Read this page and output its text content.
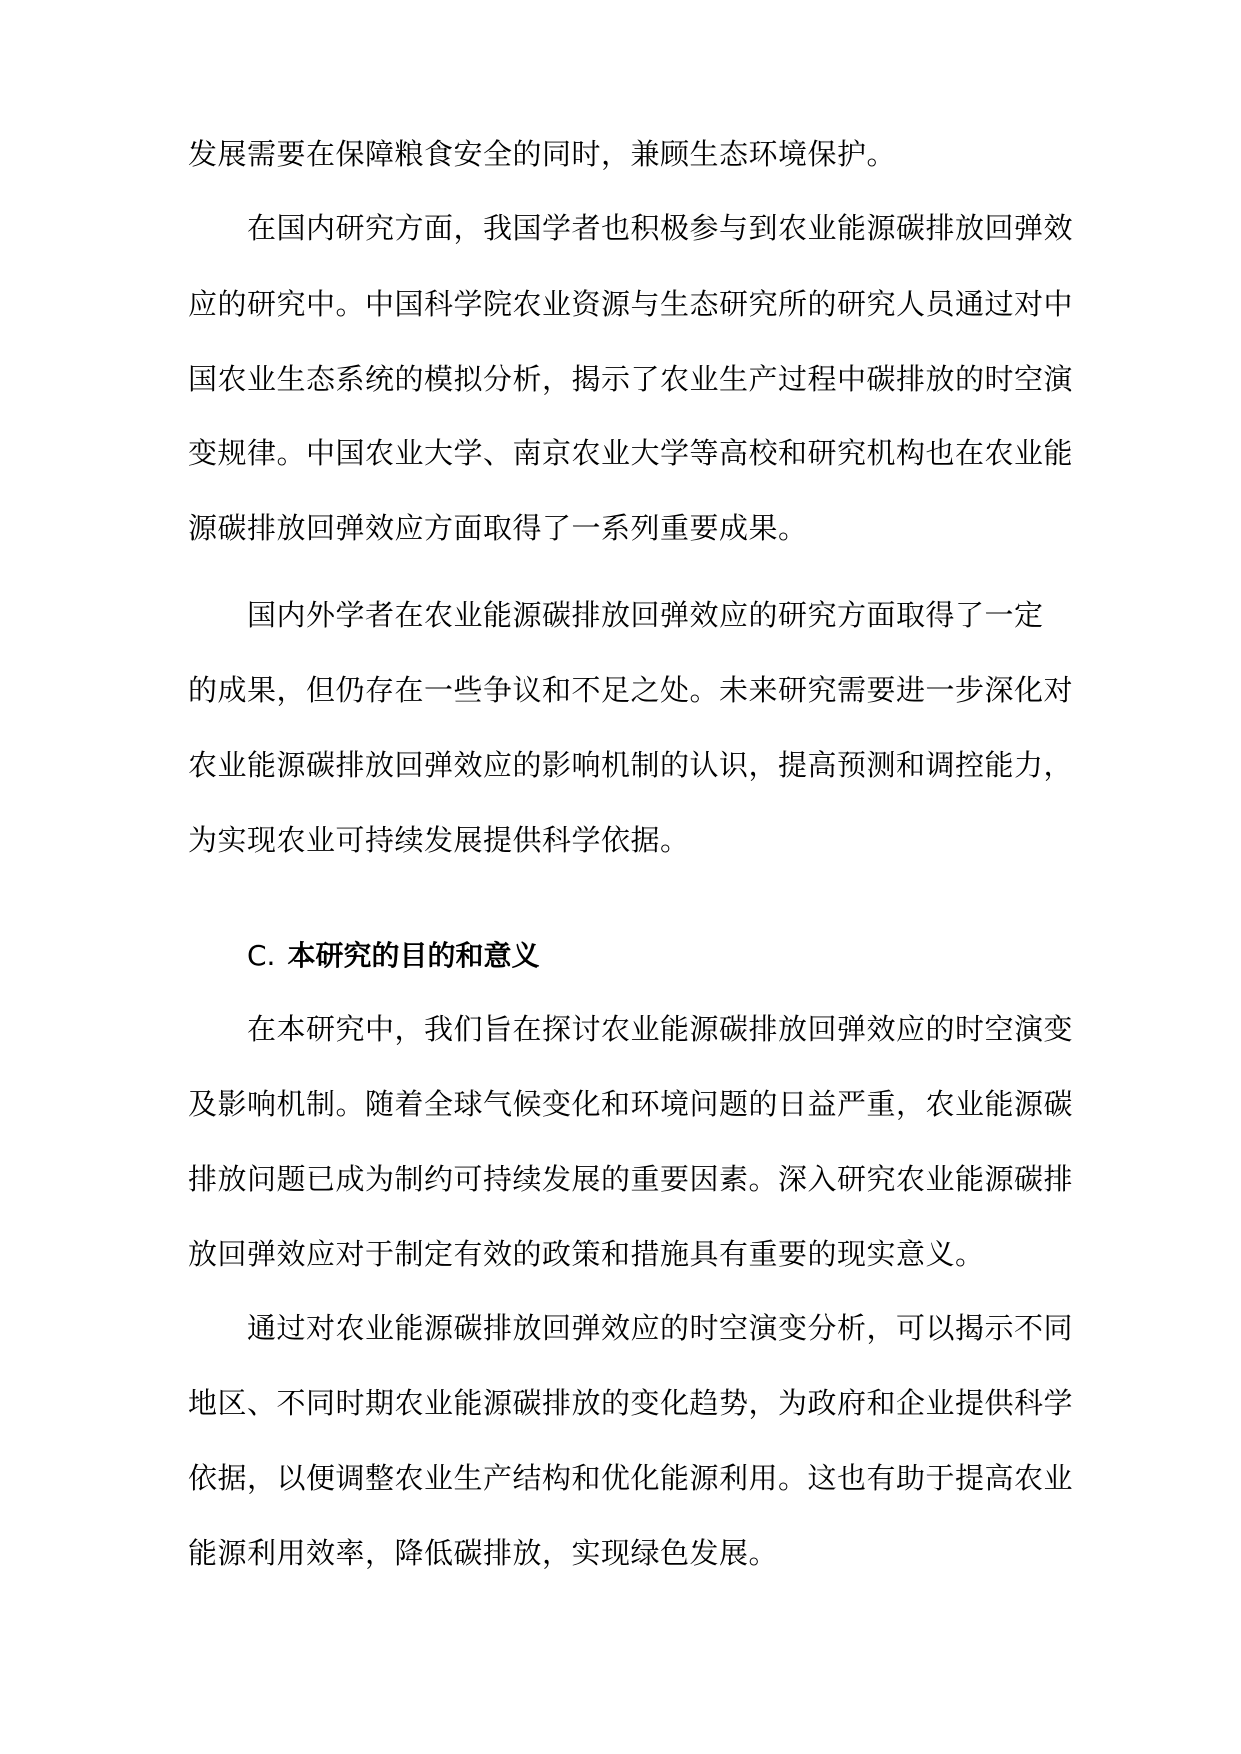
发展需要在保障粮食安全的同时，兼顾生态环境保护。
在国内研究方面，我国学者也积极参与到农业能源碳排放回弹效
应的研究中。中国科学院农业资源与生态研究所的研究人员通过对中
国农业生态系统的模拟分析，揭示了农业生产过程中碳排放的时空演
变规律。中国农业大学、南京农业大学等高校和研究机构也在农业能
源碳排放回弹效应方面取得了一系列重要成果。
国内外学者在农业能源碳排放回弹效应的研究方面取得了一定
的成果，但仍存在一些争议和不足之处。未来研究需要进一步深化对
农业能源碳排放回弹效应的影响机制的认识，提高预测和调控能力，
为实现农业可持续发展提供科学依据。
C. 本研究的目的和意义
在本研究中，我们旨在探讨农业能源碳排放回弹效应的时空演变
及影响机制。随着全球气候变化和环境问题的日益严重，农业能源碳
排放问题已成为制约可持续发展的重要因素。深入研究农业能源碳排
放回弹效应对于制定有效的政策和措施具有重要的现实意义。
通过对农业能源碳排放回弹效应的时空演变分析，可以揭示不同
地区、不同时期农业能源碳排放的变化趋势，为政府和企业提供科学
依据，以便调整农业生产结构和优化能源利用。这也有助于提高农业
能源利用效率，降低碳排放，实现绿色发展。
